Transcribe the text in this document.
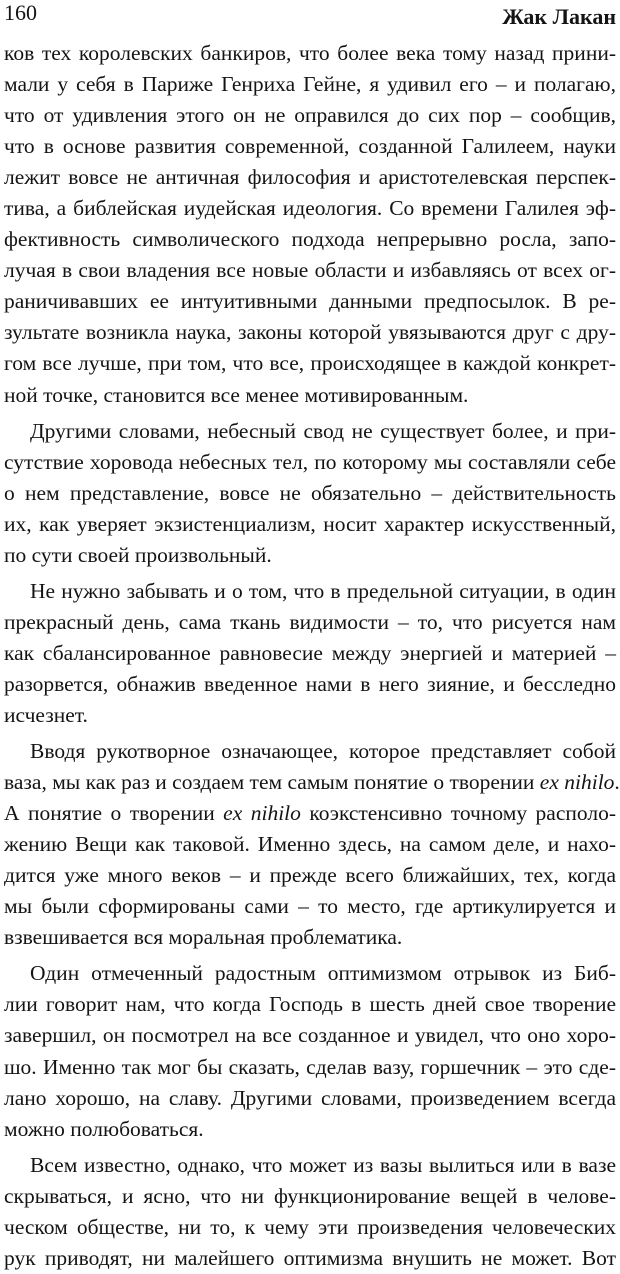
160	Жак Лакан
ков тех королевских банкиров, что более века тому назад прини-
мали у себя в Париже Генриха Гейне, я удивил его – и полагаю,
что от удивления этого он не оправился до сих пор – сообщив,
что в основе развития современной, созданной Галилеем, науки
лежит вовсе не античная философия и аристотелевская перспек-
тива, а библейская иудейская идеология. Со времени Галилея эф-
фективность символического подхода непрерывно росла, запо-
лучая в свои владения все новые области и избавляясь от всех ог-
раничивавших ее интуитивными данными предпосылок. В ре-
зультате возникла наука, законы которой увязываются друг с дру-
гом все лучше, при том, что все, происходящее в каждой конкрет-
ной точке, становится все менее мотивированным.
Другими словами, небесный свод не существует более, и при-
сутствие хоровода небесных тел, по которому мы составляли себе
о нем представление, вовсе не обязательно – действительность
их, как уверяет экзистенциализм, носит характер искусственный,
по сути своей произвольный.
Не нужно забывать и о том, что в предельной ситуации, в один
прекрасный день, сама ткань видимости – то, что рисуется нам
как сбалансированное равновесие между энергией и материей –
разорвется, обнажив введенное нами в него зияние, и бесследно
исчезнет.
Вводя рукотворное означающее, которое представляет собой
ваза, мы как раз и создаем тем самым понятие о творении ex nihilo.
А понятие о творении ex nihilo коэкстенсивно точному располо-
жению Вещи как таковой. Именно здесь, на самом деле, и нахо-
дится уже много веков – и прежде всего ближайших, тех, когда
мы были сформированы сами – то место, где артикулируется и
взвешивается вся моральная проблематика.
Один отмеченный радостным оптимизмом отрывок из Биб-
лии говорит нам, что когда Господь в шесть дней свое творение
завершил, он посмотрел на все созданное и увидел, что оно хоро-
шо. Именно так мог бы сказать, сделав вазу, горшечник – это сде-
лано хорошо, на славу. Другими словами, произведением всегда
можно полюбоваться.
Всем известно, однако, что может из вазы вылиться или в вазе
скрываться, и ясно, что ни функционирование вещей в челове-
ческом обществе, ни то, к чему эти произведения человеческих
рук приводят, ни малейшего оптимизма внушить не может. Вот
